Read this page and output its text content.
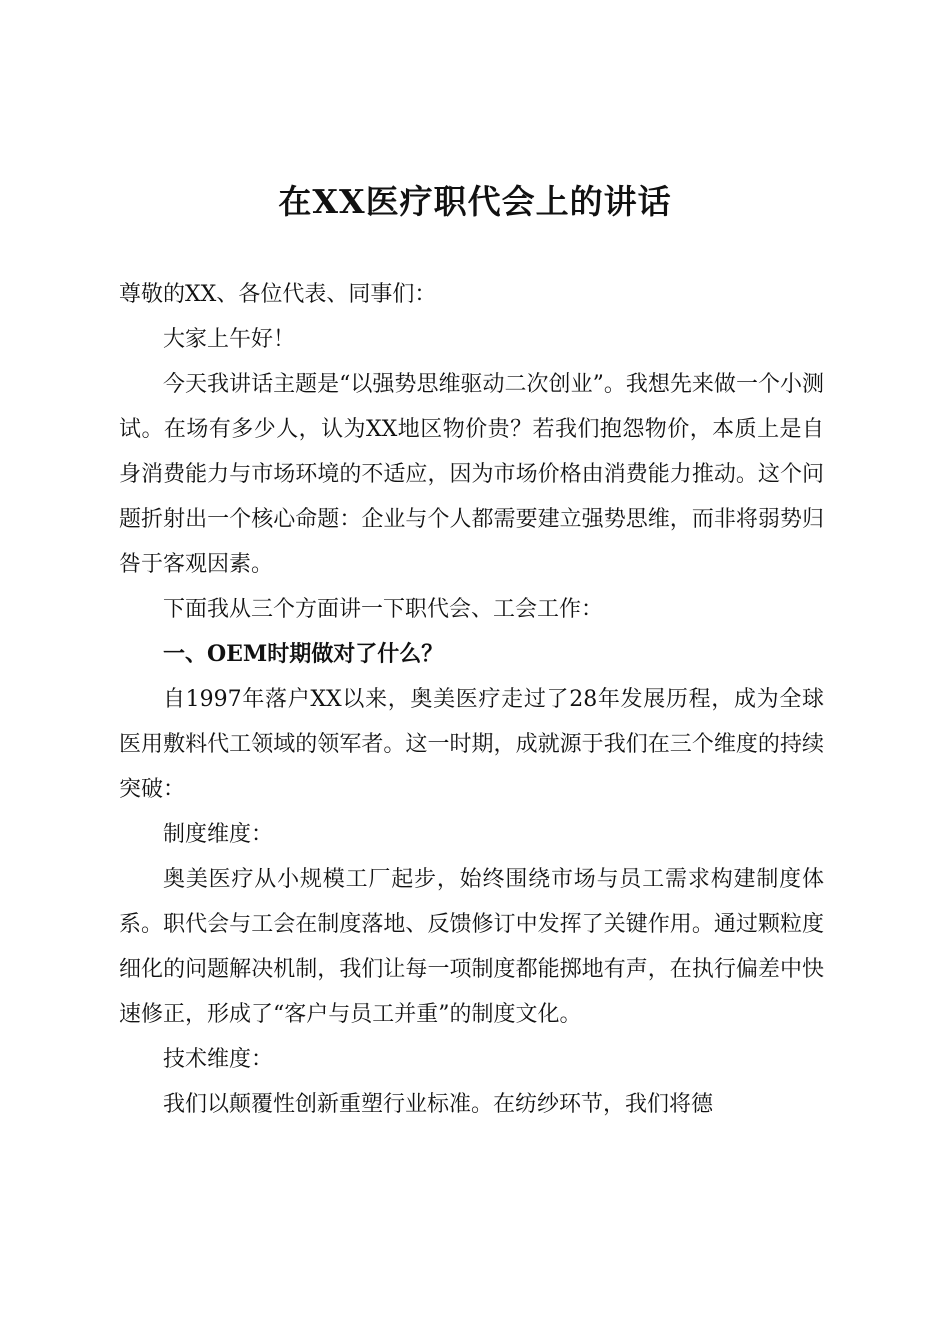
在XX医疗职代会上的讲话

尊敬的XX、各位代表、同事们：

大家上午好！

今天我讲话主题是“以强势思维驱动二次创业”。我想先来做一个小测试。在场有多少人，认为XX地区物价贵？若我们抱怨物价，本质上是自身消费能力与市场环境的不适应，因为市场价格由消费能力推动。这个问题折射出一个核心命题：企业与个人都需要建立强势思维，而非将弱势归咎于客观因素。

下面我从三个方面讲一下职代会、工会工作：

一、OEM时期做对了什么？

自1997年落户XX以来，奥美医疗走过了28年发展历程，成为全球医用敷料代工领域的领军者。这一时期，成就源于我们在三个维度的持续突破：

制度维度：

奥美医疗从小规模工厂起步，始终围绕市场与员工需求构建制度体系。职代会与工会在制度落地、反馈修订中发挥了关键作用。通过颗粒度细化的问题解决机制，我们让每一项制度都能掷地有声，在执行偏差中快速修正，形成了“客户与员工并重”的制度文化。

技术维度：

我们以颠覆性创新重塑行业标准。在纺纱环节，我们将德
